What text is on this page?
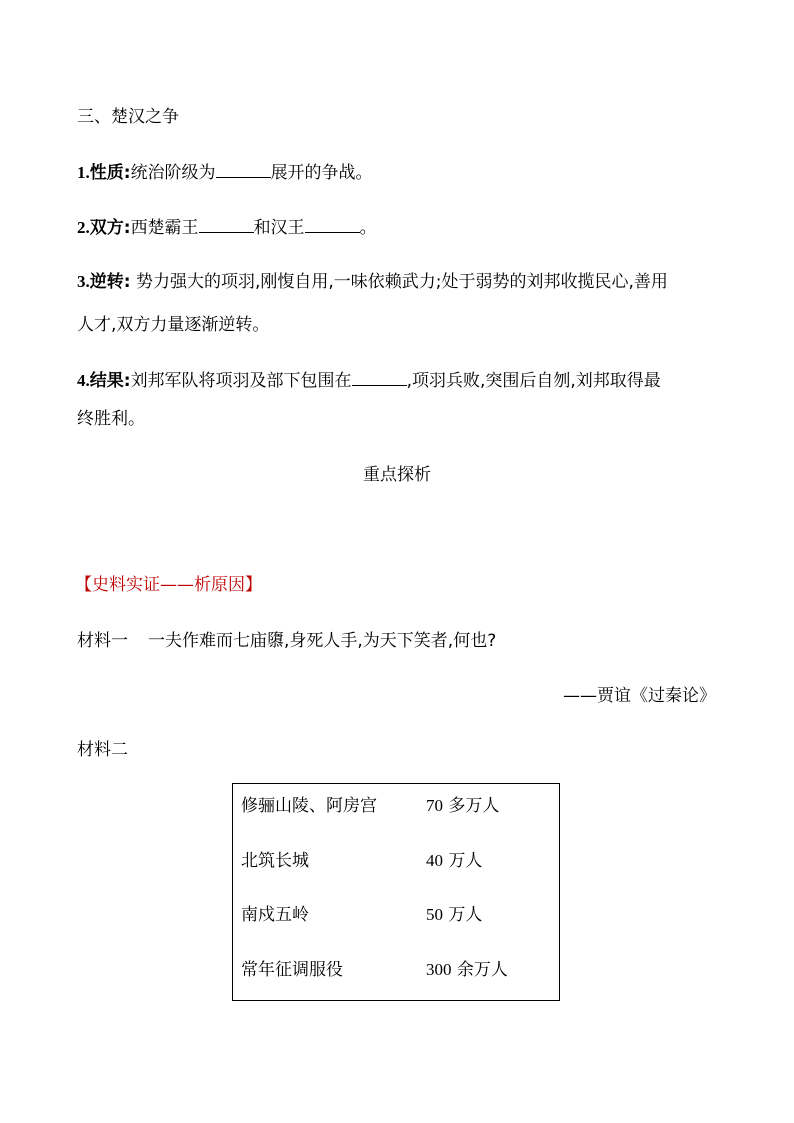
三、楚汉之争
1.性质:统治阶级为	展开的争战。
2.双方:西楚霸王	和汉王	。
3.逆转: 势力强大的项羽,刚愎自用,一味依赖武力;处于弱势的刘邦收揽民心,善用
人才,双方力量逐渐逆转。
4.结果:刘邦军队将项羽及部下包围在	,项羽兵败,突围后自刎,刘邦取得最
终胜利。
重点探析
【史料实证——析原因】
材料一 一夫作难而七庙隳,身死人手,为天下笑者,何也?
——贾谊《过秦论》
材料二
修骊山陵、阿房宫	70 多万人
北筑长城	40 万人
南戍五岭	50 万人
常年征调服役	300 余万人
